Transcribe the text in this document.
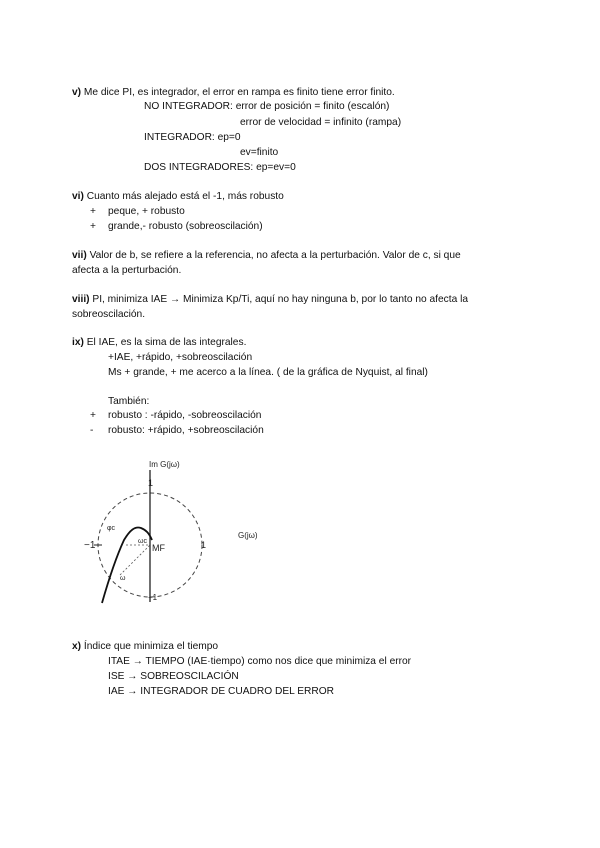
v) Me dice PI, es integrador, el error en rampa es finito tiene error finito.
NO INTEGRADOR: error de posición = finito (escalón)
error de velocidad = infinito (rampa)
INTEGRADOR: ep=0
ev=finito
DOS INTEGRADORES: ep=ev=0
vi) Cuanto más alejado está el -1, más robusto
+ peque, + robusto
+ grande,- robusto (sobreoscilación)
vii) Valor de b, se refiere a la referencia, no afecta a la perturbación. Valor de c, si que
afecta a la perturbación.
viii) PI, minimiza IAE → Minimiza Kp/Ti, aquí no hay ninguna b, por lo tanto no afecta la
sobreoscilación.
ix) El IAE, es la sima de las integrales.
+IAE, +rápido, +sobreoscilación
Ms + grande, + me acerco a la línea. ( de la gráfica de Nyquist, al final)
También:
+ robusto : -rápido, -sobreoscilación
- robusto: +rápido, +sobreoscilación
Im G(jω)
1
−1	1
−1
MF
G(jω)
φc
ωc
ω
x) Índice que minimiza el tiempo
ITAE → TIEMPO (IAE·tiempo) como nos dice que minimiza el error
ISE → SOBREOSCILACIÓN
IAE → INTEGRADOR DE CUADRO DEL ERROR
